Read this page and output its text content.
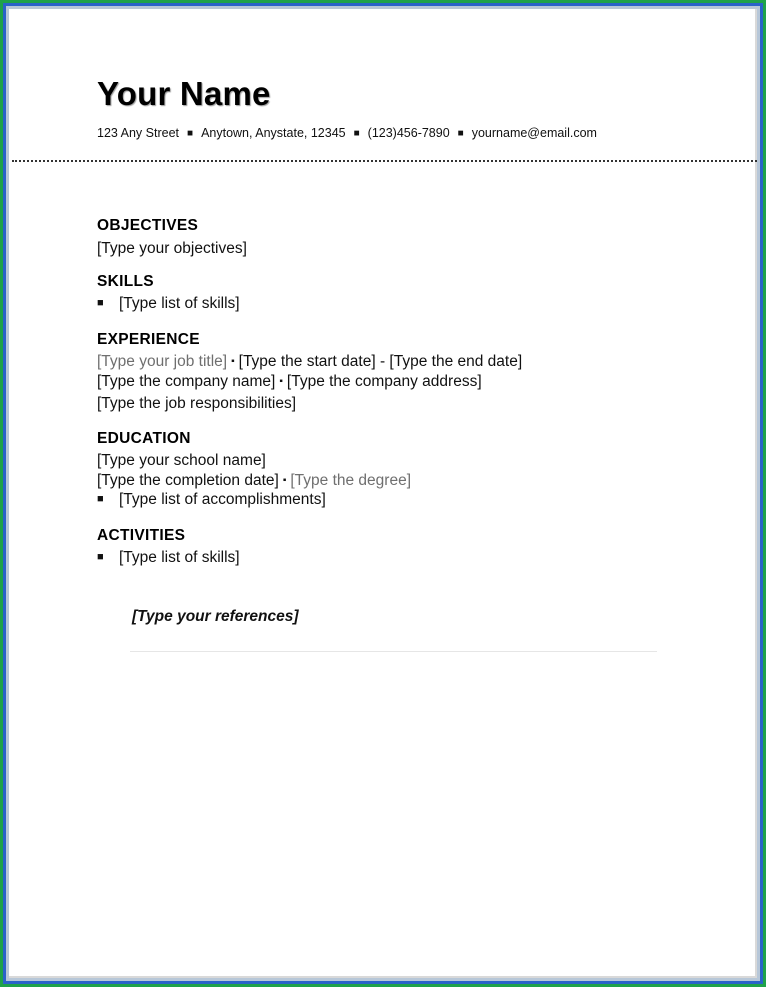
Your Name
123 Any Street ■ Anytown, Anystate, 12345 ■ (123)456-7890 ■ yourname@email.com
OBJECTIVES
[Type your objectives]
SKILLS
■ [Type list of skills]
EXPERIENCE
[Type your job title] ▪ [Type the start date] - [Type the end date]
[Type the company name] ▪ [Type the company address]
[Type the job responsibilities]
EDUCATION
[Type your school name]
[Type the completion date] ▪ [Type the degree]
■ [Type list of accomplishments]
ACTIVITIES
■ [Type list of skills]
[Type your references]
